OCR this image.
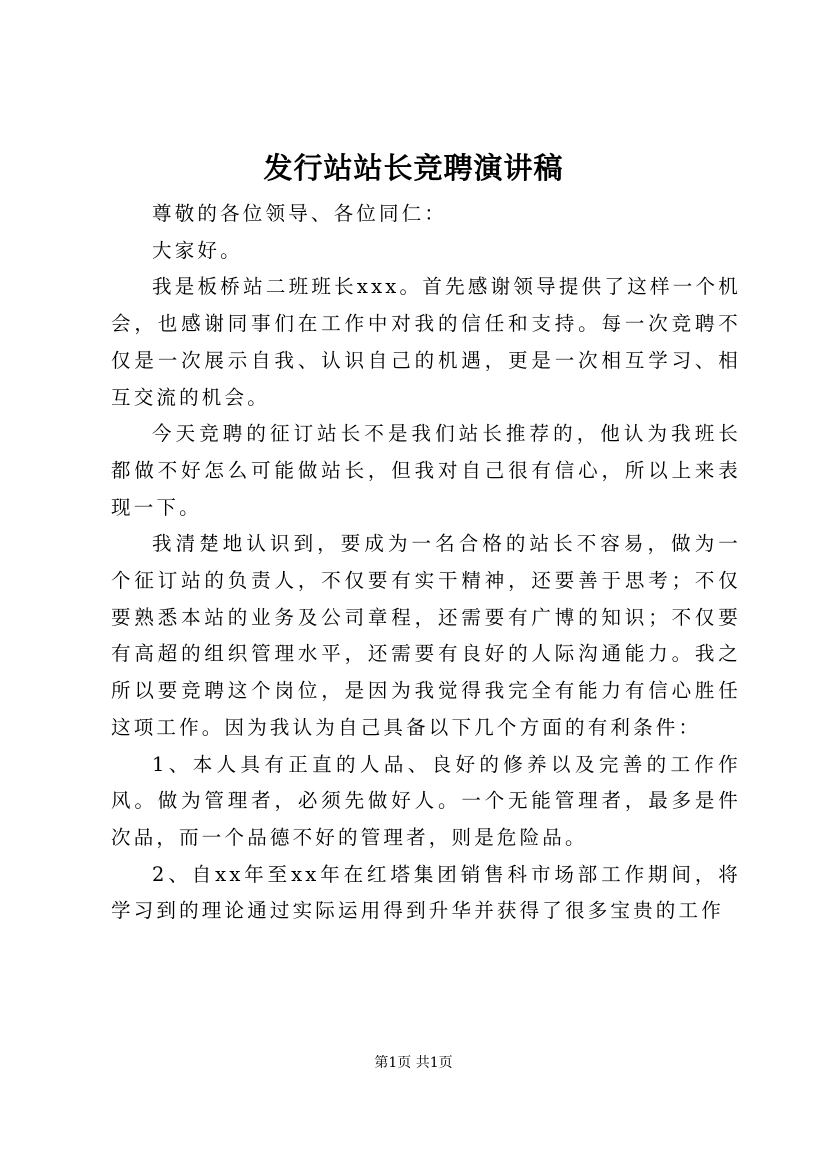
发行站站长竞聘演讲稿

尊敬的各位领导、各位同仁：

大家好。

我是板桥站二班班长xxx。首先感谢领导提供了这样一个机会，也感谢同事们在工作中对我的信任和支持。每一次竞聘不仅是一次展示自我、认识自己的机遇，更是一次相互学习、相互交流的机会。

今天竞聘的征订站长不是我们站长推荐的，他认为我班长都做不好怎么可能做站长，但我对自己很有信心，所以上来表现一下。

我清楚地认识到，要成为一名合格的站长不容易，做为一个征订站的负责人，不仅要有实干精神，还要善于思考；不仅要熟悉本站的业务及公司章程，还需要有广博的知识；不仅要有高超的组织管理水平，还需要有良好的人际沟通能力。我之所以要竞聘这个岗位，是因为我觉得我完全有能力有信心胜任这项工作。因为我认为自己具备以下几个方面的有利条件：

1、本人具有正直的人品、良好的修养以及完善的工作作风。做为管理者，必须先做好人。一个无能管理者，最多是件次品，而一个品德不好的管理者，则是危险品。

2、自xx年至xx年在红塔集团销售科市场部工作期间，将学习到的理论通过实际运用得到升华并获得了很多宝贵的工作

第1页 共1页
